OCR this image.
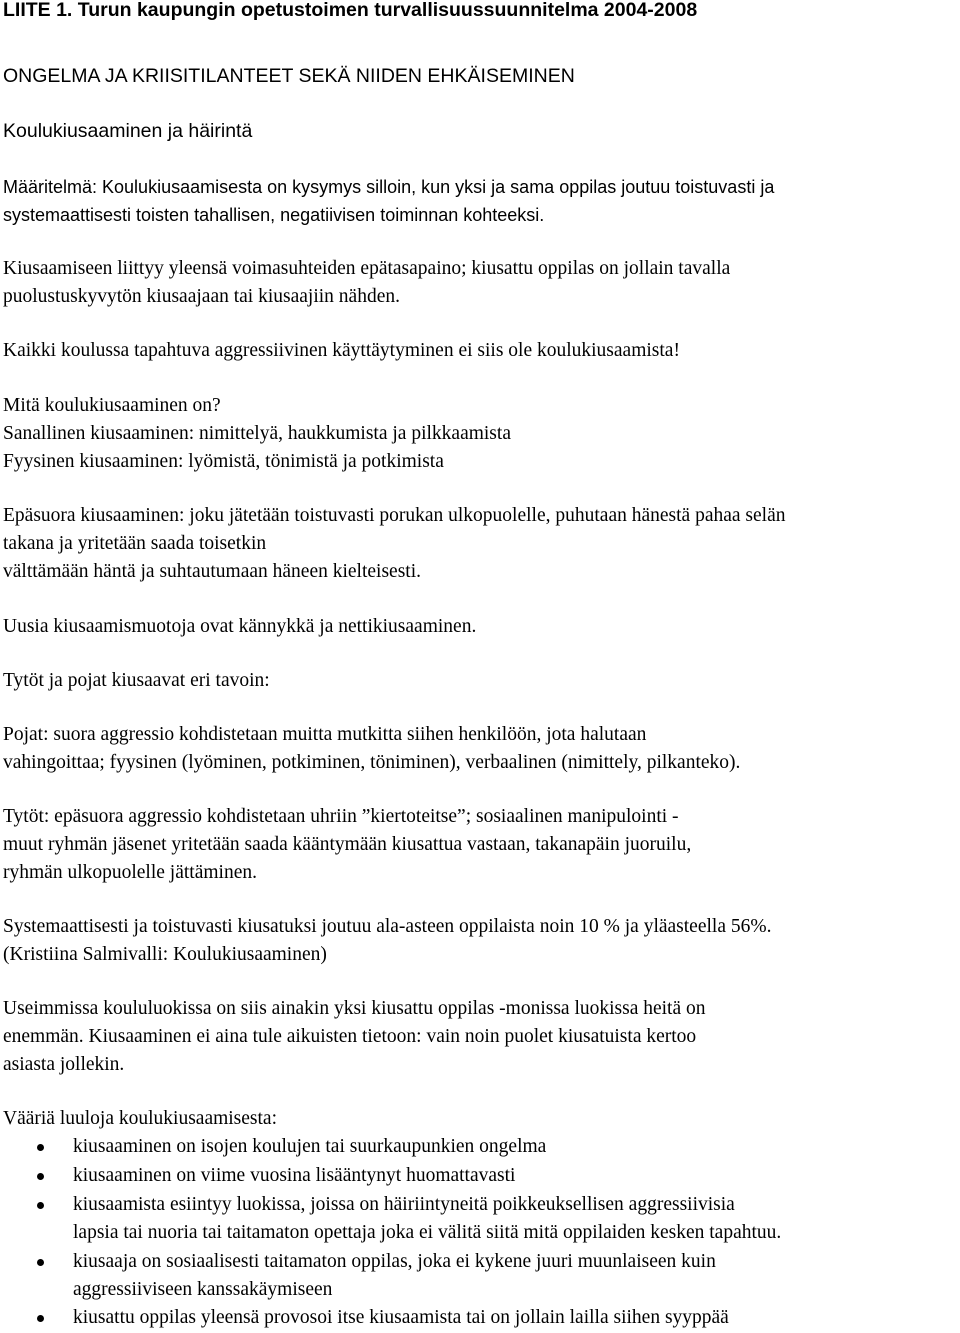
LIITE 1. Turun kaupungin opetustoimen turvallisuussuunnitelma 2004-2008
ONGELMA JA KRIISITILANTEET SEKÄ NIIDEN EHKÄISEMINEN
Koulukiusaaminen ja häirintä
Määritelmä: Koulukiusaamisesta on kysymys silloin, kun yksi ja sama oppilas joutuu toistuvasti ja
systemaattisesti toisten tahallisen, negatiivisen toiminnan kohteeksi.
Kiusaamiseen liittyy yleensä voimasuhteiden epätasapaino; kiusattu oppilas on jollain tavalla
puolustuskyvytön kiusaajaan tai kiusaajiin nähden.
Kaikki koulussa tapahtuva aggressiivinen käyttäytyminen ei siis ole koulukiusaamista!
Mitä koulukiusaaminen on?
Sanallinen kiusaaminen: nimittelyä, haukkumista ja pilkkaamista
Fyysinen kiusaaminen: lyömistä, tönimistä ja potkimista
Epäsuora kiusaaminen: joku jätetään toistuvasti porukan ulkopuolelle, puhutaan hänestä pahaa selän
takana ja yritetään saada toisetkin
välttämään häntä ja suhtautumaan häneen kielteisesti.
Uusia kiusaamismuotoja ovat kännykkä ja nettikiusaaminen.
Tytöt ja pojat kiusaavat eri tavoin:
Pojat: suora aggressio kohdistetaan muitta mutkitta siihen henkilöön, jota halutaan
vahingoittaa; fyysinen (lyöminen, potkiminen, töniminen), verbaalinen (nimittely, pilkanteko).
Tytöt: epäsuora aggressio kohdistetaan uhriin ”kiertoteitse”; sosiaalinen manipulointi -
muut ryhmän jäsenet yritetään saada kääntymään kiusattua vastaan, takanapäin juoruilu,
ryhmän ulkopuolelle jättäminen.
Systemaattisesti ja toistuvasti kiusatuksi joutuu ala-asteen oppilaista noin 10 % ja yläasteella 56%.
(Kristiina Salmivalli: Koulukiusaaminen)
Useimmissa koululuokissa on siis ainakin yksi kiusattu oppilas -monissa luokissa heitä on
enemmän. Kiusaaminen ei aina tule aikuisten tietoon: vain noin puolet kiusatuista kertoo
asiasta jollekin.
Vääriä luuloja koulukiusaamisesta:
kiusaaminen on isojen koulujen tai suurkaupunkien ongelma
kiusaaminen on viime vuosina lisääntynyt huomattavasti
kiusaamista esiintyy luokissa, joissa on häiriintyneitä poikkeuksellisen aggressiivisia
lapsia tai nuoria tai taitamaton opettaja joka ei välitä siitä mitä oppilaiden kesken tapahtuu.
kiusaaja on sosiaalisesti taitamaton oppilas, joka ei kykene juuri muunlaiseen kuin
aggressiiviseen kanssakäymiseen
kiusattu oppilas yleensä provosoi itse kiusaamista tai on jollain lailla siihen syyppää
